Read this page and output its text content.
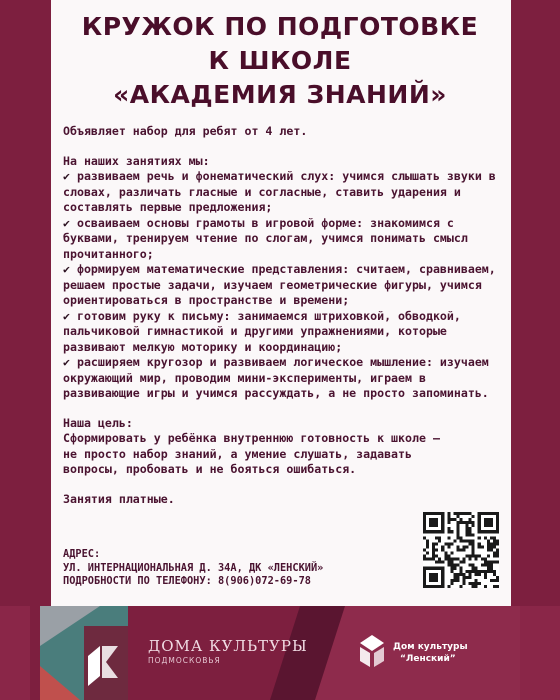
КРУЖОК ПО ПОДГОТОВКЕ
К ШКОЛЕ
«АКАДЕМИЯ ЗНАНИЙ»

Объявляет набор для ребят от 4 лет.

На наших занятиях мы:

✔ развиваем речь и фонематический слух: учимся слышать звуки в словах, различать гласные и согласные, ставить ударения и составлять первые предложения;

✔ осваиваем основы грамоты в игровой форме: знакомимся с буквами, тренируем чтение по слогам, учимся понимать смысл прочитанного;

✔ формируем математические представления: считаем, сравниваем, решаем простые задачи, изучаем геометрические фигуры, учимся ориентироваться в пространстве и времени;

✔ готовим руку к письму: занимаемся штриховкой, обводкой, пальчиковой гимнастикой и другими упражнениями, которые развивают мелкую моторику и координацию;

✔ расширяем кругозор и развиваем логическое мышление: изучаем окружающий мир, проводим мини-эксперименты, играем в развивающие игры и учимся рассуждать, а не просто запоминать.

Наша цель:

Сформировать у ребёнка внутреннюю готовность к школе — не просто набор знаний, а умение слушать, задавать вопросы, пробовать и не бояться ошибаться.

Занятия платные.

АДРЕС:
УЛ. ИНТЕРНАЦИОНАЛЬНАЯ Д. 34А, ДК «ЛЕНСКИЙ»
ПОДРОБНОСТИ ПО ТЕЛЕФОНУ: 8(906)072-69-78
ДОМА КУЛЬТУРЫ
ПОДМОСКОВЬЯ
Дом культуры
“Ленский”
